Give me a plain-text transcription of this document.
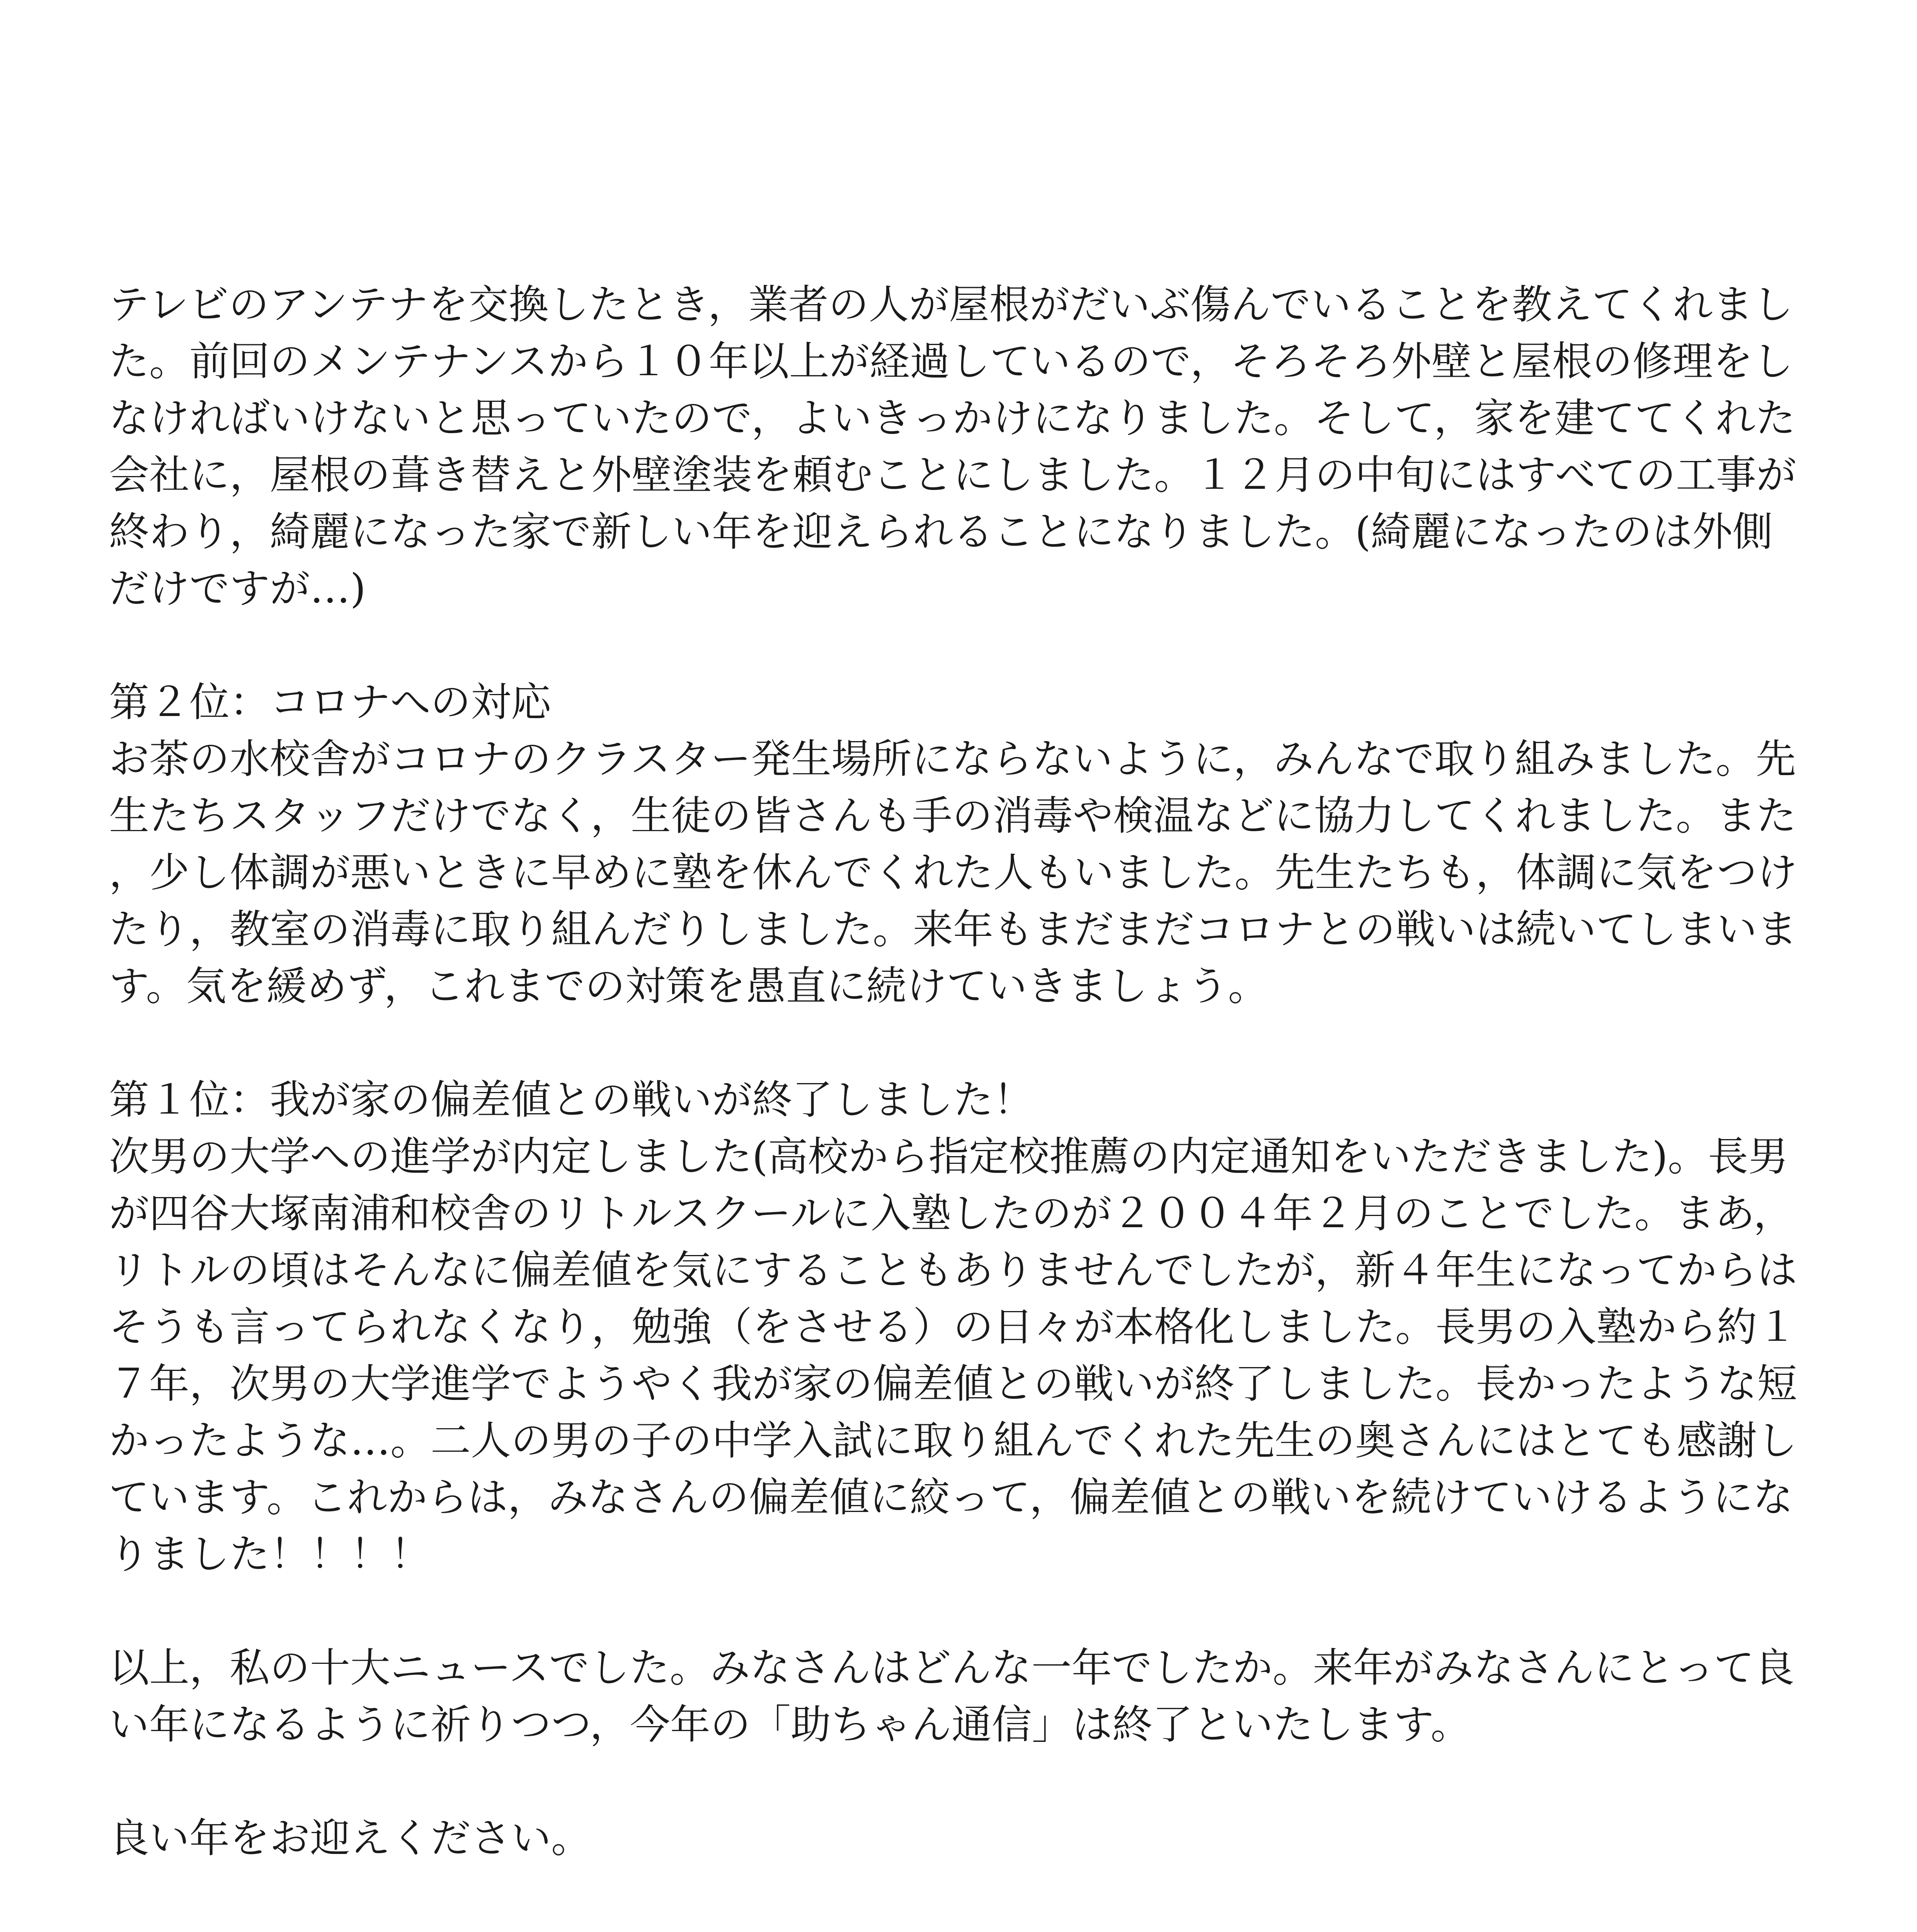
テレビのアンテナを交換したとき，業者の人が屋根がだいぶ傷んでいることを教えてくれました。前回のメンテナンスから１０年以上が経過しているので，そろそろ外壁と屋根の修理をしなければいけないと思っていたので，よいきっかけになりました。そして，家を建ててくれた会社に，屋根の葺き替えと外壁塗装を頼むことにしました。１２月の中旬にはすべての工事が終わり，綺麗になった家で新しい年を迎えられることになりました。(綺麗になったのは外側だけですが…)

第２位：コロナへの対応

お茶の水校舎がコロナのクラスター発生場所にならないように，みんなで取り組みました。先生たちスタッフだけでなく，生徒の皆さんも手の消毒や検温などに協力してくれました。また，少し体調が悪いときに早めに塾を休んでくれた人もいました。先生たちも，体調に気をつけたり，教室の消毒に取り組んだりしました。来年もまだまだコロナとの戦いは続いてしまいます。気を緩めず，これまでの対策を愚直に続けていきましょう。

第１位：我が家の偏差値との戦いが終了しました！

次男の大学への進学が内定しました(高校から指定校推薦の内定通知をいただきました)。長男が四谷大塚南浦和校舎のリトルスクールに入塾したのが２００４年２月のことでした。まあ，リトルの頃はそんなに偏差値を気にすることもありませんでしたが，新４年生になってからはそうも言ってられなくなり，勉強（をさせる）の日々が本格化しました。長男の入塾から約１７年，次男の大学進学でようやく我が家の偏差値との戦いが終了しました。長かったような短かったような…。二人の男の子の中学入試に取り組んでくれた先生の奥さんにはとても感謝しています。これからは，みなさんの偏差値に絞って，偏差値との戦いを続けていけるようになりました！！！！

以上，私の十大ニュースでした。みなさんはどんな一年でしたか。来年がみなさんにとって良い年になるように祈りつつ，今年の「助ちゃん通信」は終了といたします。

良い年をお迎えください。
